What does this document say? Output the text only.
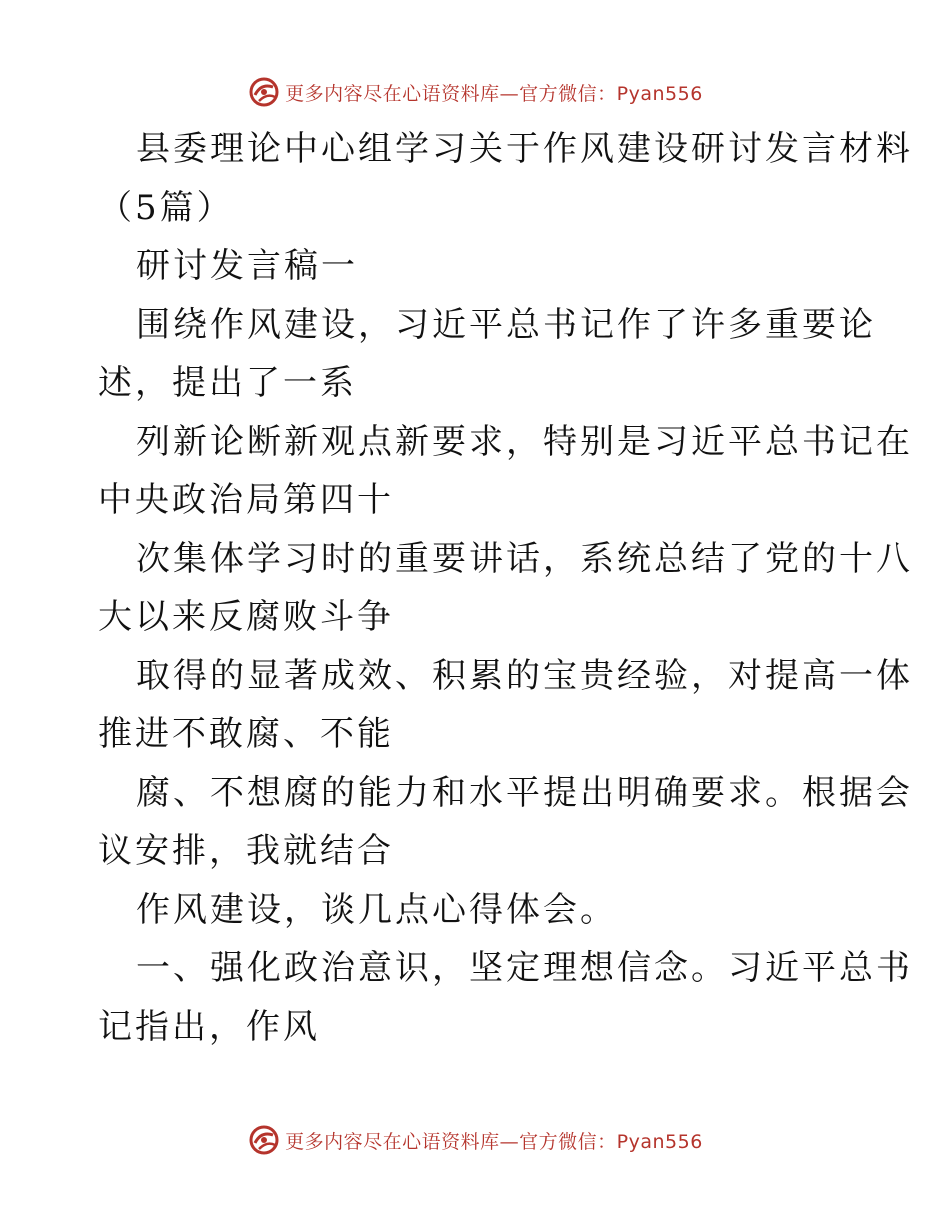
更多内容尽在心语资料库—官方微信：Pyan556
县委理论中心组学习关于作风建设研讨发言材料
（5篇）
研讨发言稿一
围绕作风建设，习近平总书记作了许多重要论
述，提出了一系
列新论断新观点新要求，特别是习近平总书记在
中央政治局第四十
次集体学习时的重要讲话，系统总结了党的十八
大以来反腐败斗争
取得的显著成效、积累的宝贵经验，对提高一体
推进不敢腐、不能
腐、不想腐的能力和水平提出明确要求。根据会
议安排，我就结合
作风建设，谈几点心得体会。
一、强化政治意识，坚定理想信念。习近平总书
记指出，作风
更多内容尽在心语资料库—官方微信：Pyan556
